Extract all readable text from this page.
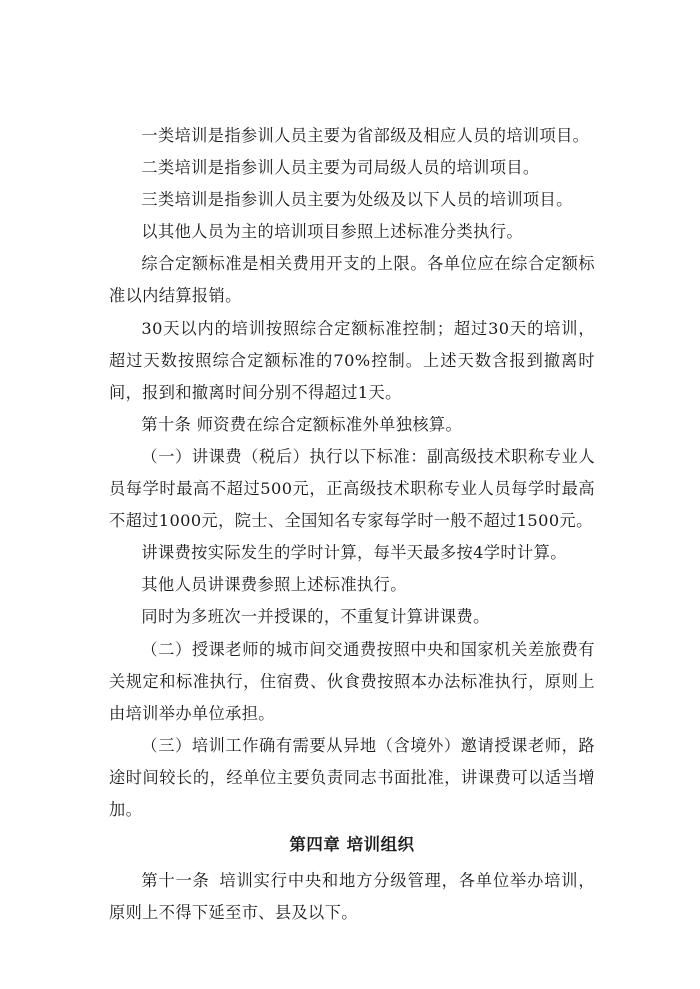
一类培训是指参训人员主要为省部级及相应人员的培训项目。

二类培训是指参训人员主要为司局级人员的培训项目。

三类培训是指参训人员主要为处级及以下人员的培训项目。

以其他人员为主的培训项目参照上述标准分类执行。

综合定额标准是相关费用开支的上限。各单位应在综合定额标准以内结算报销。

30天以内的培训按照综合定额标准控制；超过30天的培训，超过天数按照综合定额标准的70%控制。上述天数含报到撤离时间，报到和撤离时间分别不得超过1天。

第十条 师资费在综合定额标准外单独核算。

（一）讲课费（税后）执行以下标准：副高级技术职称专业人员每学时最高不超过500元，正高级技术职称专业人员每学时最高不超过1000元，院士、全国知名专家每学时一般不超过1500元。

讲课费按实际发生的学时计算，每半天最多按4学时计算。

其他人员讲课费参照上述标准执行。

同时为多班次一并授课的，不重复计算讲课费。

（二）授课老师的城市间交通费按照中央和国家机关差旅费有关规定和标准执行，住宿费、伙食费按照本办法标准执行，原则上由培训举办单位承担。

（三）培训工作确有需要从异地（含境外）邀请授课老师，路途时间较长的，经单位主要负责同志书面批准，讲课费可以适当增加。

第四章 培训组织

第十一条 培训实行中央和地方分级管理，各单位举办培训，原则上不得下延至市、县及以下。
